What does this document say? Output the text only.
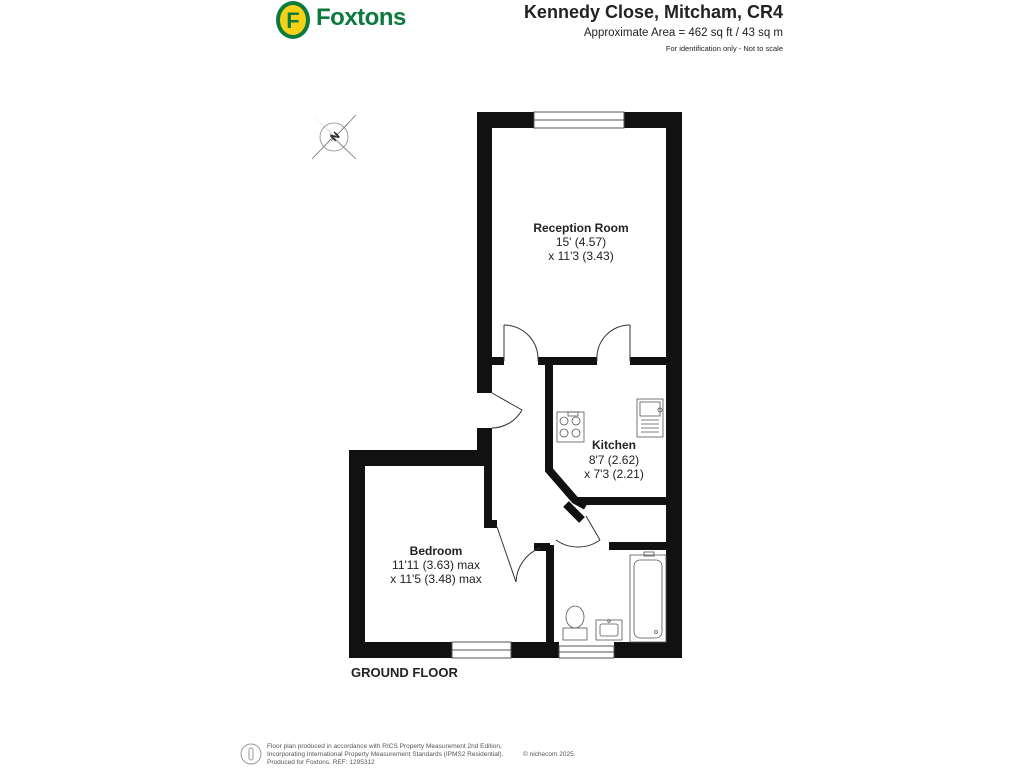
F Foxtons	Kennedy Close, Mitcham, CR4
Approximate Area = 462 sq ft / 43 sq m
For identification only - Not to scale
N
Reception Room
15' (4.57)
x 11'3 (3.43)
Kitchen
8'7 (2.62)
x 7'3 (2.21)
Bedroom
11'11 (3.63) max
x 11'5 (3.48) max
GROUND FLOOR
Floor plan produced in accordance with RICS Property Measurement 2nd Edition,
Incorporating International Property Measurement Standards (IPMS2 Residential).
Produced for Foxtons. REF: 1295312
© nichecom 2025.
